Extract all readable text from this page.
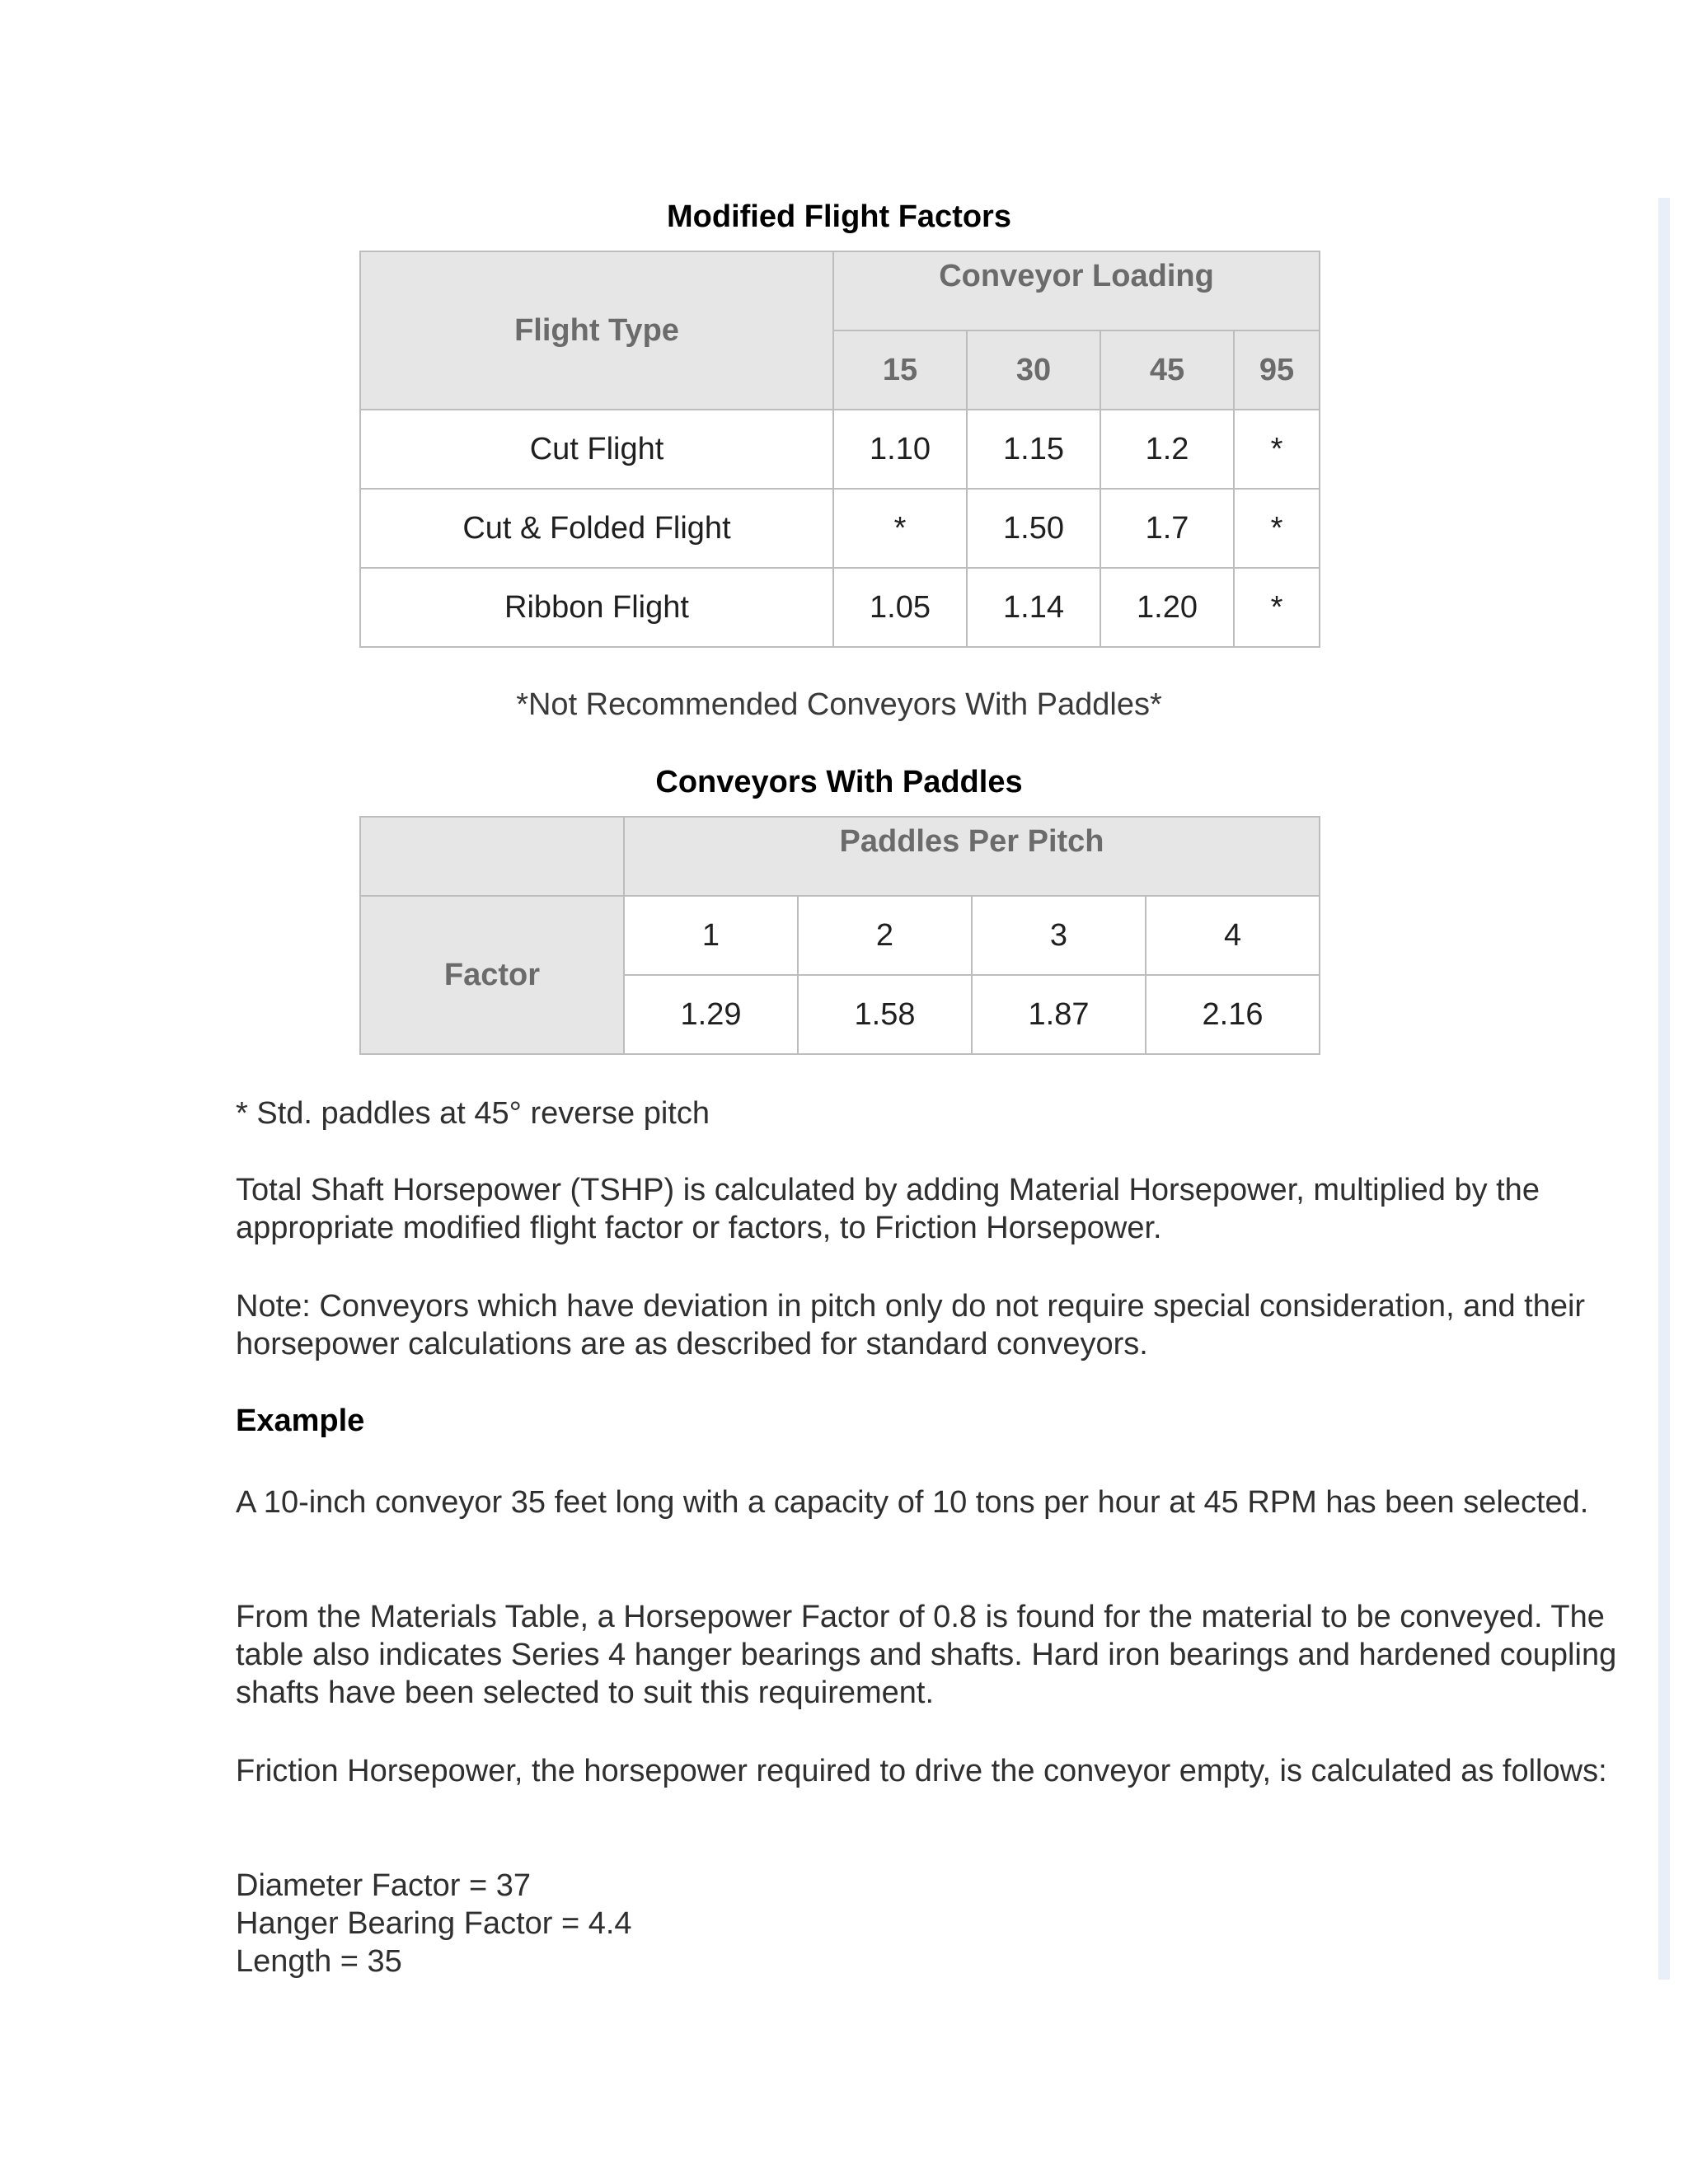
Modified Flight Factors
Flight Type	Conveyor Loading			
	15	30	45	95
Cut Flight	1.10	1.15	1.2	*
Cut & Folded Flight	*	1.50	1.7	*
Ribbon Flight	1.05	1.14	1.20	*
*Not Recommended Conveyors With Paddles*
Conveyors With Paddles
	Paddles Per Pitch			
Factor	1	2	3	4
	1.29	1.58	1.87	2.16

* Std. paddles at 45° reverse pitch

Total Shaft Horsepower (TSHP) is calculated by adding Material Horsepower, multiplied by the appropriate modified flight factor or factors, to Friction Horsepower.

Note: Conveyors which have deviation in pitch only do not require special consideration, and their horsepower calculations are as described for standard conveyors.

Example

A 10-inch conveyor 35 feet long with a capacity of 10 tons per hour at 45 RPM has been selected.

From the Materials Table, a Horsepower Factor of 0.8 is found for the material to be conveyed. The table also indicates Series 4 hanger bearings and shafts. Hard iron bearings and hardened coupling shafts have been selected to suit this requirement.

Friction Horsepower, the horsepower required to drive the conveyor empty, is calculated as follows:

Diameter Factor = 37

Hanger Bearing Factor = 4.4

Length = 35
